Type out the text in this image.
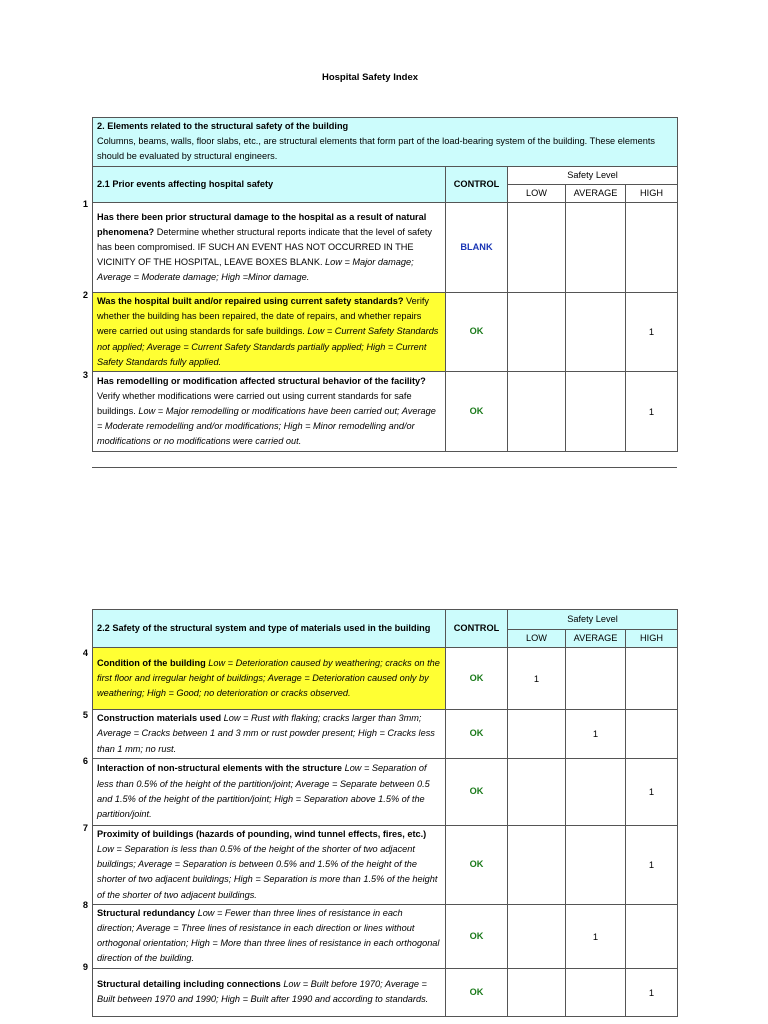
Hospital Safety Index
2. Elements related to the structural safety of the building
Columns, beams, walls, floor slabs, etc., are structural elements that form part of the load-bearing system of the building. These elements should be evaluated by structural engineers.				
2.1 Prior events affecting hospital safety	CONTROL	Safety Level		
		LOW	AVERAGE	HIGH
Has there been prior structural damage to the hospital as a result of natural phenomena? Determine whether structural reports indicate that the level of safety has been compromised. IF SUCH AN EVENT HAS NOT OCCURRED IN THE VICINITY OF THE HOSPITAL, LEAVE BOXES BLANK. Low = Major damage; Average = Moderate damage; High =Minor damage.	BLANK			
Was the hospital built and/or repaired using current safety standards? Verify whether the building has been repaired, the date of repairs, and whether repairs were carried out using standards for safe buildings. Low = Current Safety Standards not applied; Average = Current Safety Standards partially applied; High = Current Safety Standards fully applied.	OK			1
Has remodelling or modification affected structural behavior of the facility? Verify whether modifications were carried out using current standards for safe buildings. Low = Major remodelling or modifications have been carried out; Average = Moderate remodelling and/or modifications; High = Minor remodelling and/or modifications or no modifications were carried out.	OK			1
1
2
3
2.2 Safety of the structural system and type of materials used in the building	CONTROL	Safety Level		
		LOW	AVERAGE	HIGH
Condition of the building Low = Deterioration caused by weathering; cracks on the first floor and irregular height of buildings; Average = Deterioration caused only by weathering; High = Good; no deterioration or cracks observed.	OK	1		
Construction materials used Low = Rust with flaking; cracks larger than 3mm; Average = Cracks between 1 and 3 mm or rust powder present; High = Cracks less than 1 mm; no rust.	OK		1	
Interaction of non-structural elements with the structure Low = Separation of less than 0.5% of the height of the partition/joint; Average = Separate between 0.5 and 1.5% of the height of the partition/joint; High = Separation above 1.5% of the partition/joint.	OK			1
Proximity of buildings (hazards of pounding, wind tunnel effects, fires, etc.) Low = Separation is less than 0.5% of the height of the shorter of two adjacent buildings; Average = Separation is between 0.5% and 1.5% of the height of the shorter of two adjacent buildings; High = Separation is more than 1.5% of the height of the shorter of two adjacent buildings.	OK			1
Structural redundancy Low = Fewer than three lines of resistance in each direction; Average = Three lines of resistance in each direction or lines without orthogonal orientation; High = More than three lines of resistance in each orthogonal direction of the building.	OK		1	
Structural detailing including connections Low = Built before 1970; Average = Built between 1970 and 1990; High = Built after 1990 and according to standards.	OK			1
4
5
6
7
8
9
